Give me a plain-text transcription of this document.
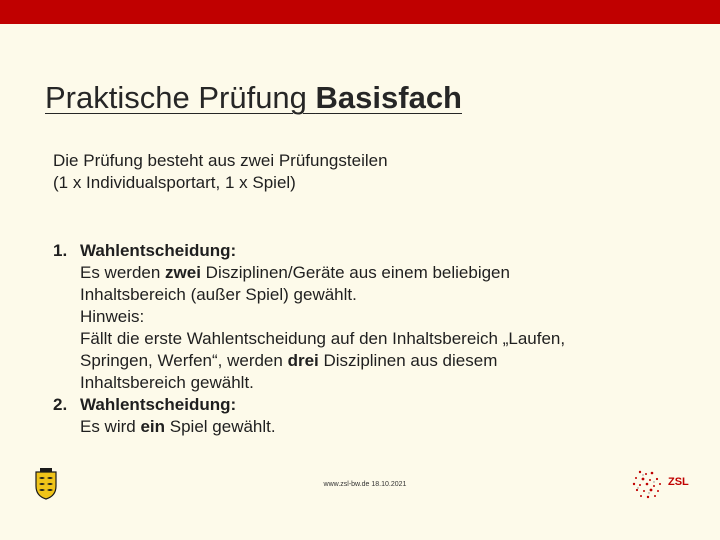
Praktische Prüfung Basisfach

Die Prüfung besteht aus zwei Prüfungsteilen
(1 x Individualsportart, 1 x Spiel)

1. Wahlentscheidung:
Es werden zwei Disziplinen/Geräte aus einem beliebigen
Inhaltsbereich (außer Spiel) gewählt.
Hinweis:
Fällt die erste Wahlentscheidung auf den Inhaltsbereich „Laufen,
Springen, Werfen“, werden drei Disziplinen aus diesem
Inhaltsbereich gewählt.
2. Wahlentscheidung:
Es wird ein Spiel gewählt.
www.zsl-bw.de 18.10.2021	ZSL
